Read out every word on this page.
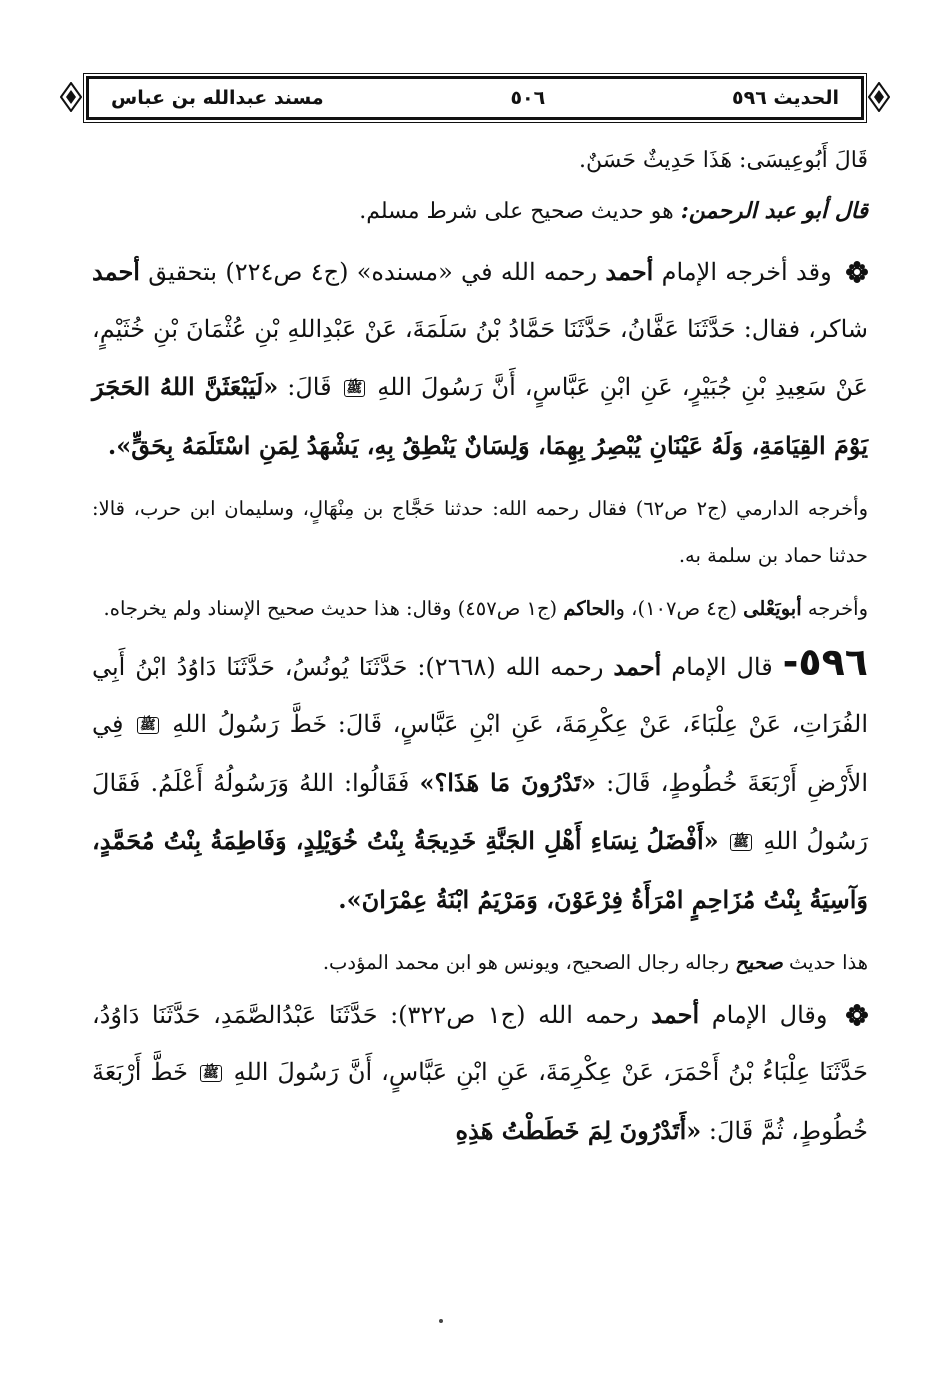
الحديث ٥٩٦
٥٠٦
مسند عبدالله بن عباس

قَالَ أَبُوعِيسَى: هَذَا حَدِيثٌ حَسَنٌ.

قال أبو عبد الرحمن: هو حديث صحيح على شرط مسلم.

وقد أخرجه الإمام أحمد رحمه الله في «مسنده» (ج٤ ص٢٢٤) بتحقيق أحمد شاكر، فقال: حَدَّثَنَا عَفَّانُ، حَدَّثَنَا حَمَّادُ بْنُ سَلَمَةَ، عَنْ عَبْدِاللهِ بْنِ عُثْمَانَ بْنِ خُثَيْمٍ، عَنْ سَعِيدِ بْنِ جُبَيْرٍ، عَنِ ابْنِ عَبَّاسٍ، أَنَّ رَسُولَ اللهِ ﷺ قَالَ: «لَيَبْعَثَنَّ اللهُ الحَجَرَ يَوْمَ القِيَامَةِ، وَلَهُ عَيْنَانِ يُبْصِرُ بِهِمَا، وَلِسَانٌ يَنْطِقُ بِهِ، يَشْهَدُ لِمَنِ اسْتَلَمَهُ بِحَقٍّ».

وأخرجه الدارمي (ج٢ ص٦٢) فقال رحمه الله: حدثنا حَجَّاج بن مِنْهَالٍ، وسليمان ابن حرب، قالا: حدثنا حماد بن سلمة به.

وأخرجه أبويَعْلى (ج٤ ص١٠٧)، والحاكم (ج١ ص٤٥٧) وقال: هذا حديث صحيح الإسناد ولم يخرجاه.

٥٩٦- قال الإمام أحمد رحمه الله (٢٦٦٨): حَدَّثَنَا يُونُسُ، حَدَّثَنَا دَاوُدُ ابْنُ أَبِي الفُرَاتِ، عَنْ عِلْبَاءَ، عَنْ عِكْرِمَةَ، عَنِ ابْنِ عَبَّاسٍ، قَالَ: خَطَّ رَسُولُ اللهِ ﷺ فِي الأَرْضِ أَرْبَعَةَ خُطُوطٍ، قَالَ: «تَدْرُونَ مَا هَذَا؟» فَقَالُوا: اللهُ وَرَسُولُهُ أَعْلَمُ. فَقَالَ رَسُولُ اللهِ ﷺ «أَفْضَلُ نِسَاءِ أَهْلِ الجَنَّةِ خَدِيجَةُ بِنْتُ خُوَيْلِدٍ، وَفَاطِمَةُ بِنْتُ مُحَمَّدٍ، وَآسِيَةُ بِنْتُ مُزَاحِمٍ امْرَأَةُ فِرْعَوْنَ، وَمَرْيَمُ ابْنَةُ عِمْرَانَ».

هذا حديث صحيح رجاله رجال الصحيح، ويونس هو ابن محمد المؤدب.

وقال الإمام أحمد رحمه الله (ج١ ص٣٢٢): حَدَّثَنَا عَبْدُالصَّمَدِ، حَدَّثَنَا دَاوُدُ، حَدَّثَنَا عِلْبَاءُ بْنُ أَحْمَرَ، عَنْ عِكْرِمَةَ، عَنِ ابْنِ عَبَّاسٍ، أَنَّ رَسُولَ اللهِ ﷺ خَطَّ أَرْبَعَةَ خُطُوطٍ، ثُمَّ قَالَ: «أَتَدْرُونَ لِمَ خَطَطْتُ هَذِهِ
